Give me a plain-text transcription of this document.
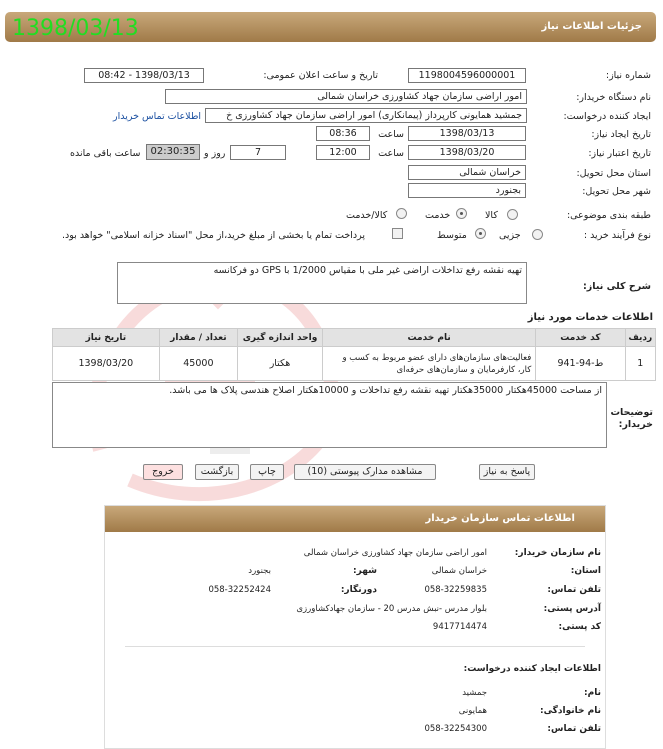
جزئیات اطلاعات نیاز
1398/03/13
شماره نیاز:
1198004596000001
تاریخ و ساعت اعلان عمومی:
1398/03/13 - 08:42
نام دستگاه خریدار:
امور اراضی سازمان جهاد کشاورزی خراسان شمالی
ایجاد کننده درخواست:
جمشید همایونی کارپرداز (پیمانکاری) امور اراضی سازمان جهاد کشاورزی خ
اطلاعات تماس خریدار
تاریخ ایجاد نیاز:
1398/03/13
ساعت
08:36
تاریخ اعتبار نیاز:
1398/03/20
ساعت
12:00
7
روز و
02:30:35
ساعت باقی مانده
استان محل تحویل:
خراسان شمالی
شهر محل تحویل:
بجنورد
طبقه بندی موضوعی:
کالا
خدمت
کالا/خدمت
نوع فرآیند خرید :
جزیی
متوسط
پرداخت تمام یا بخشی از مبلغ خرید،از محل "اسناد خزانه اسلامی" خواهد بود.
شرح کلی نیاز:
تهیه نقشه رفع تداخلات اراضی غیر ملی با مقیاس 1/2000 با GPS دو فرکانسه
اطلاعات خدمات مورد نیاز
ردیف	کد خدمت	نام خدمت	واحد اندازه گیری	تعداد / مقدار	تاریخ نیاز
1	ط-94-941	فعالیت‌های سازمان‌های دارای عضو مربوط به کسب و کار، کارفرمایان و سازمان‌های حرفه‌ای	هکتار	45000	1398/03/20
از مساحت 45000هکتار 35000هکتار تهیه نقشه رفع تداخلات و 10000هکتار اصلاح هندسی پلاک ها می باشد.
توضیحات خریدار:
پاسخ به نیاز
مشاهده مدارک پیوستی (10)
چاپ
بازگشت
خروج
اطلاعات تماس سازمان خریدار
نام سازمان خریدار:
امور اراضی سازمان جهاد کشاورزی خراسان شمالی
استان:
خراسان شمالی
شهر:
بجنورد
تلفن تماس:
058-32259835
دورنگار:
058-32252424
آدرس پستی:
بلوار مدرس -نبش مدرس 20 - سازمان جهادکشاورزی
کد پستی:
9417714474
اطلاعات ایجاد کننده درخواست:
نام:
جمشید
نام خانوادگی:
همایونی
تلفن تماس:
058-32254300
